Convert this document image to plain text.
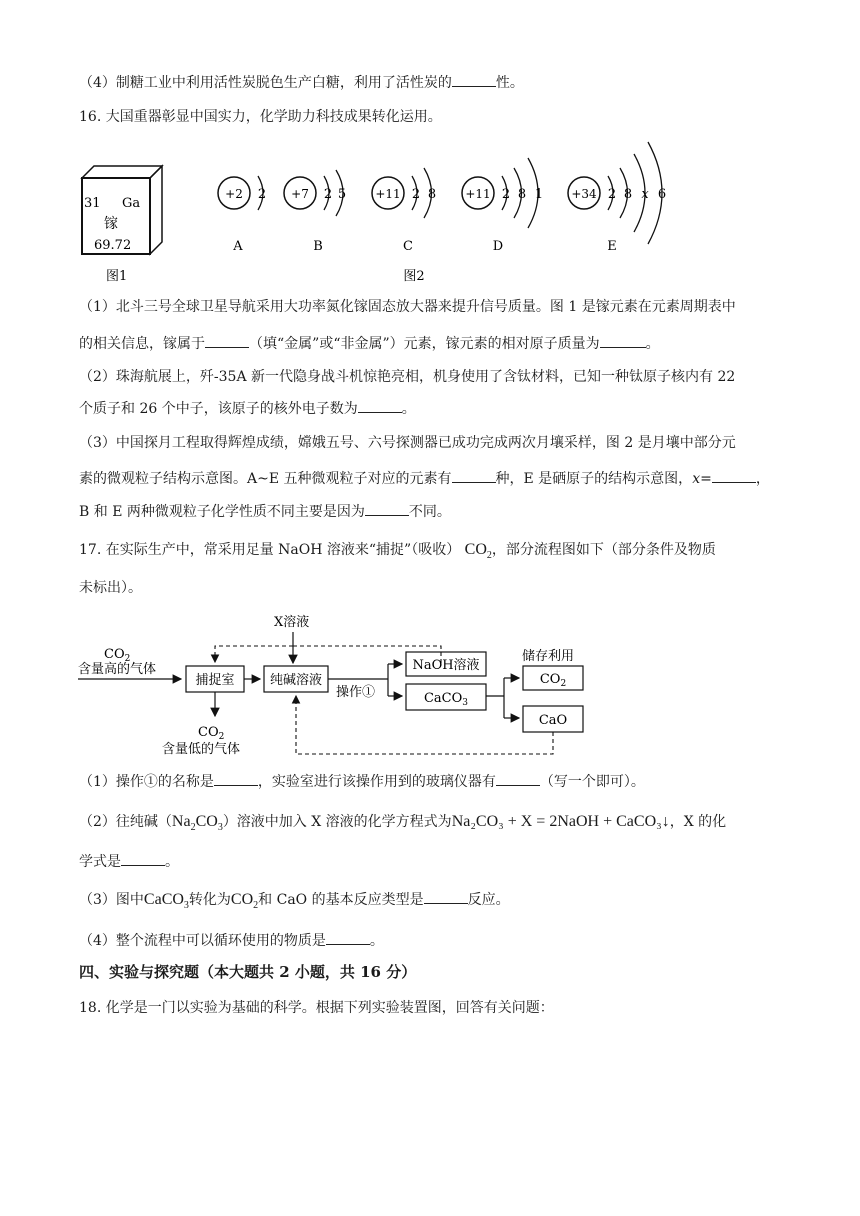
（4）制糖工业中利用活性炭脱色生产白糖，利用了活性炭的	性。
16. 大国重器彰显中国实力，化学助力科技成果转化运用。
31 Ga
镓
69.72
图1
+2 2
A
+7 2 5
B
+11 2 8
C
+11 2 8 1
D
+34 2 8 x 6
E
图2
（1）北斗三号全球卫星导航采用大功率氮化镓固态放大器来提升信号质量。图 1 是镓元素在元素周期表中
的相关信息，镓属于	（填“金属”或“非金属”）元素，镓元素的相对原子质量为	。
（2）珠海航展上，歼-35A 新一代隐身战斗机惊艳亮相，机身使用了含钛材料，已知一种钛原子核内有 22
个质子和 26 个中子，该原子的核外电子数为	。
（3）中国探月工程取得辉煌成绩，嫦娥五号、六号探测器已成功完成两次月壤采样，图 2 是月壤中部分元
素的微观粒子结构示意图。A~E 五种微观粒子对应的元素有	种，E 是硒原子的结构示意图，x=	，
B 和 E 两种微观粒子化学性质不同主要是因为	不同。
17. 在实际生产中，常采用足量 NaOH 溶液来“捕捉”（吸收） $CO_2$，部分流程图如下（部分条件及物质
未标出）。
X溶液
$CO_2$
含量高的气体
捕捉室	纯碱溶液
$CO_2$
含量低的气体
操作①
NaOH溶液
CaCO$_3$
储存利用
$CO_2$
CaO
（1）操作①的名称是	，实验室进行该操作用到的玻璃仪器有	（写一个即可）。
（2）往纯碱$(Na_2CO_3)$溶液中加入 X 溶液的化学方程式为Na₂CO₃ + X = 2NaOH + CaCO₃↓，X 的化
学式是	。
（3）图中CaCO$_3$转化为$CO_2$和 CaO 的基本反应类型是	反应。
（4）整个流程中可以循环使用的物质是	。
四、实验与探究题（本大题共 2 小题，共 16 分）
18. 化学是一门以实验为基础的科学。根据下列实验装置图，回答有关问题：
